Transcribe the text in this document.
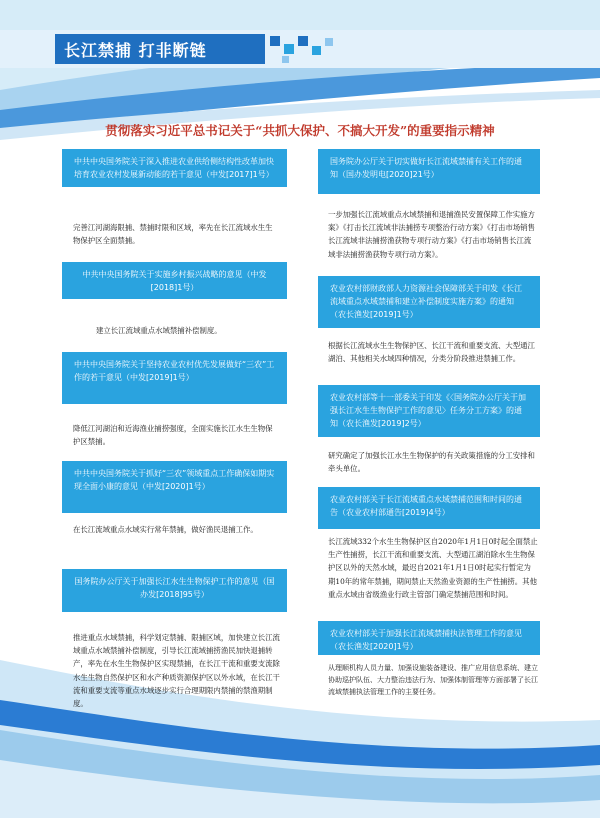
长江禁捕 打非断链
贯彻落实习近平总书记关于“共抓大保护、不搞大开发”的重要指示精神
中共中央国务院关于深入推进农业供给侧结构性改革加快培育农业农村发展新动能的若干意见（中发[2017]1号）
完善江河湖海限捕、禁捕时限和区域，率先在长江流域水生生物保护区全面禁捕。
中共中央国务院关于实施乡村振兴战略的意见（中发[2018]1号）
建立长江流域重点水域禁捕补偿制度。
中共中央国务院关于坚持农业农村优先发展做好“三农”工作的若干意见（中发[2019]1号）
降低江河湖泊和近海渔业捕捞强度，全面实施长江水生生物保护区禁捕。
中共中央国务院关于抓好“三农”领域重点工作确保如期实现全面小康的意见（中发[2020]1号）
在长江流域重点水域实行常年禁捕，做好渔民退捕工作。
国务院办公厅关于加强长江水生生物保护工作的意见（国办发[2018]95号）
推进重点水域禁捕，科学划定禁捕、限捕区域，加快建立长江流域重点水域禁捕补偿制度，引导长江流域捕捞渔民加快退捕转产，率先在水生生物保护区实现禁捕，在长江干流和重要支流除水生生物自然保护区和水产种质资源保护区以外水域，在长江干流和重要支流等重点水域逐步实行合理期限内禁捕的禁渔期制度。
国务院办公厅关于切实做好长江流域禁捕有关工作的通知（国办发明电[2020]21号）
一步加强长江流域重点水域禁捕和退捕渔民安置保障工作实施方案》《打击长江流域非法捕捞专项整治行动方案》《打击市场销售长江流域非法捕捞渔获物专项行动方案》《打击市场销售长江流域非法捕捞渔获物专项行动方案》。
农业农村部财政部人力资源社会保障部关于印发《长江流域重点水域禁捕和建立补偿制度实施方案》的通知（农长渔发[2019]1号）
根据长江流域水生生物保护区、长江干流和重要支流、大型通江湖泊、其他相关水域四种情况，分类分阶段推进禁捕工作。
农业农村部等十一部委关于印发《〈国务院办公厅关于加强长江水生生物保护工作的意见〉任务分工方案》的通知（农长渔发[2019]2号）
研究确定了加强长江水生生物保护的有关政策措施的分工安排和牵头单位。
农业农村部关于长江流域重点水域禁捕范围和时间的通告（农业农村部通告[2019]4号）
长江流域332个水生生物保护区自2020年1月1日0时起全面禁止生产性捕捞，长江干流和重要支流、大型通江湖泊除水生生物保护区以外的天然水域，最迟自2021年1月1日0时起实行暂定为期10年的常年禁捕，期间禁止天然渔业资源的生产性捕捞。其他重点水域由省级渔业行政主管部门确定禁捕范围和时间。
农业农村部关于加强长江流域禁捕执法管理工作的意见（农长渔发[2020]1号）
从理顺机构人员力量、加强设施装备建设、推广应用信息系统、建立协助巡护队伍、大力整治违法行为、加强体制管理等方面部署了长江流域禁捕执法管理工作的主要任务。
